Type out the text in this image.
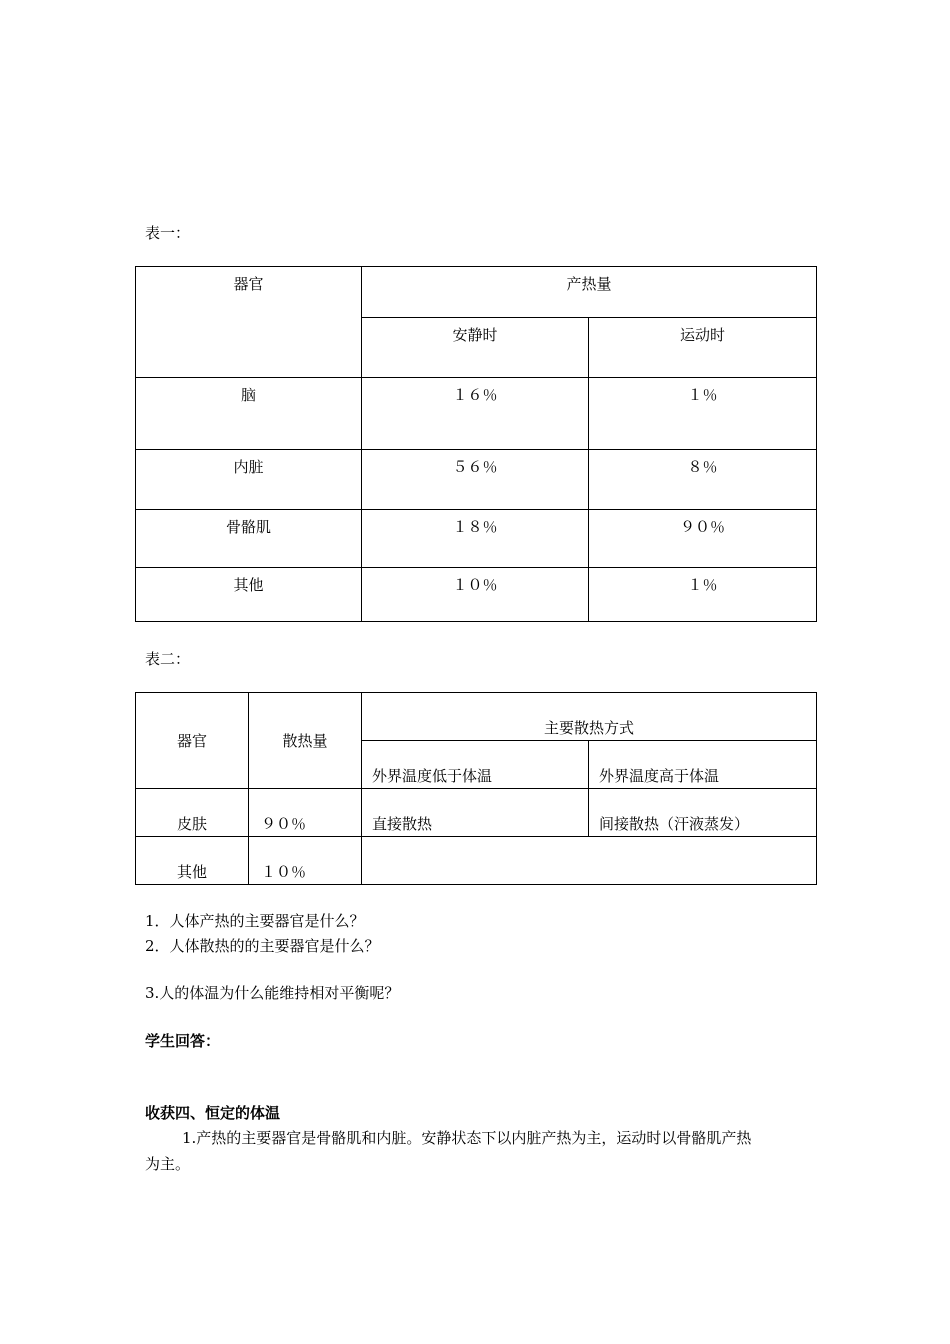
表一：
器官	产热量	
	安静时	运动时
脑	１６％	１％
内脏	５６％	８％
骨骼肌	１８％	９０％
其他	１０％	１％
表二：
器官	散热量	主要散热方式	
		外界温度低于体温	外界温度高于体温
皮肤	９０％	直接散热	间接散热（汗液蒸发）
其他	１０％		
1．人体产热的主要器官是什么？
2．人体散热的的主要器官是什么？
3.人的体温为什么能维持相对平衡呢？
学生回答：
收获四、恒定的体温
1.产热的主要器官是骨骼肌和内脏。安静状态下以内脏产热为主，运动时以骨骼肌产热
为主。
